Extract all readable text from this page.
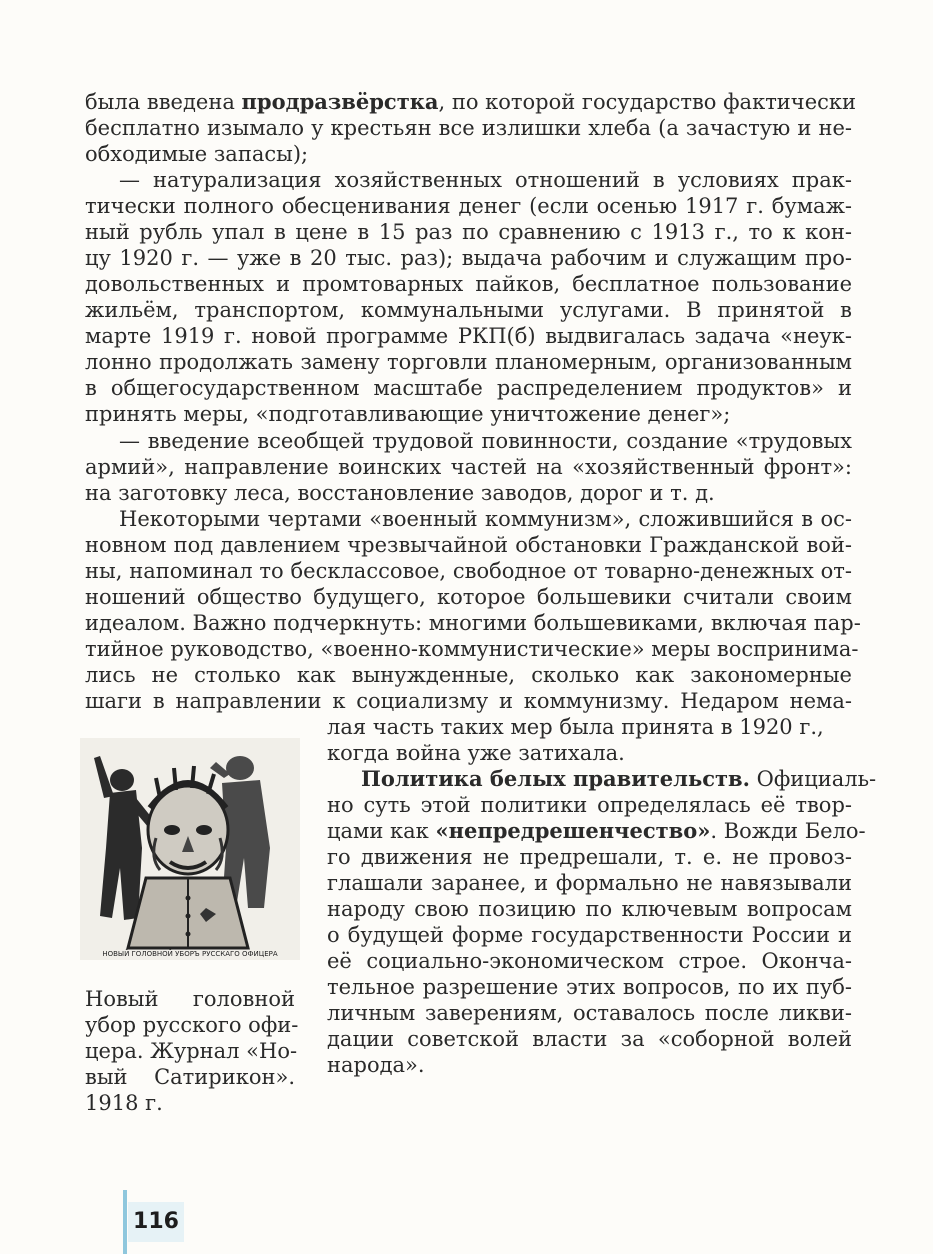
была введена продразвёрстка, по которой государство фактически
бесплатно изымало у крестьян все излишки хлеба (а зачастую и не-
обходимые запасы);
— натурализация хозяйственных отношений в условиях прак-
тически полного обесценивания денег (если осенью 1917 г. бумаж-
ный рубль упал в цене в 15 раз по сравнению с 1913 г., то к кон-
цу 1920 г. — уже в 20 тыс. раз); выдача рабочим и служащим про-
довольственных и промтоварных пайков, бесплатное пользование
жильём, транспортом, коммунальными услугами. В принятой в
марте 1919 г. новой программе РКП(б) выдвигалась задача «неук-
лонно продолжать замену торговли планомерным, организованным
в общегосударственном масштабе распределением продуктов» и
принять меры, «подготавливающие уничтожение денег»;
— введение всеобщей трудовой повинности, создание «трудовых
армий», направление воинских частей на «хозяйственный фронт»:
на заготовку леса, восстановление заводов, дорог и т. д.
Некоторыми чертами «военный коммунизм», сложившийся в ос-
новном под давлением чрезвычайной обстановки Гражданской вой-
ны, напоминал то бесклассовое, свободное от товарно-денежных от-
ношений общество будущего, которое большевики считали своим
идеалом. Важно подчеркнуть: многими большевиками, включая пар-
тийное руководство, «военно-коммунистические» меры воспринима-
лись не столько как вынужденные, сколько как закономерные
шаги в направлении к социализму и коммунизму. Недаром нема-
лая часть таких мер была принята в 1920 г.,
когда война уже затихала.
Политика белых правительств. Официаль-
но суть этой политики определялась её твор-
цами как «непредрешенчество». Вожди Бело-
го движения не предрешали, т. е. не провоз-
глашали заранее, и формально не навязывали
народу свою позицию по ключевым вопросам
о будущей форме государственности России и
её социально-экономическом строе. Оконча-
тельное разрешение этих вопросов, по их пуб-
личным заверениям, оставалось после ликви-
дации советской власти за «соборной волей
народа».
НОВЫЙ ГОЛОВНОЙ УБОРЪ РУССКАГО ОФИЦЕРА
Новый головной
убор русского офи-
цера. Журнал «Но-
вый Сатирикон».
1918 г.
116
